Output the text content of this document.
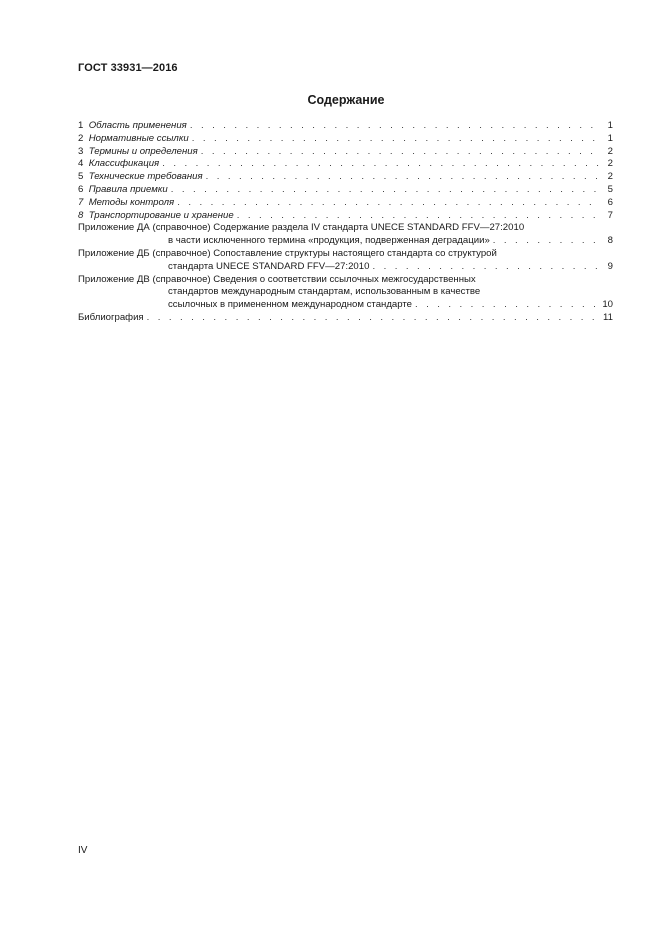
ГОСТ 33931—2016
Содержание
1 Область применения . . .	1
2 Нормативные ссылки . . .	1
3 Термины и определения . . .	2
4 Классификация . . .	2
5 Технические требования . . .	2
6 Правила приемки . . .	5
7 Методы контроля . . .	6
8 Транспортирование и хранение . . .	7
Приложение ДА (справочное) Содержание раздела IV стандарта UNECE STANDARD FFV—27:2010
в части исключенного термина «продукция, подверженная деградации» . . .	8
Приложение ДБ (справочное) Сопоставление структуры настоящего стандарта со структурой
стандарта UNECE STANDARD FFV—27:2010 . . .	9
Приложение ДВ (справочное) Сведения о соответствии ссылочных межгосударственных
стандартов международным стандартам, использованным в качестве
ссылочных в примененном международном стандарте . . .	10
Библиография . . .	11
IV
